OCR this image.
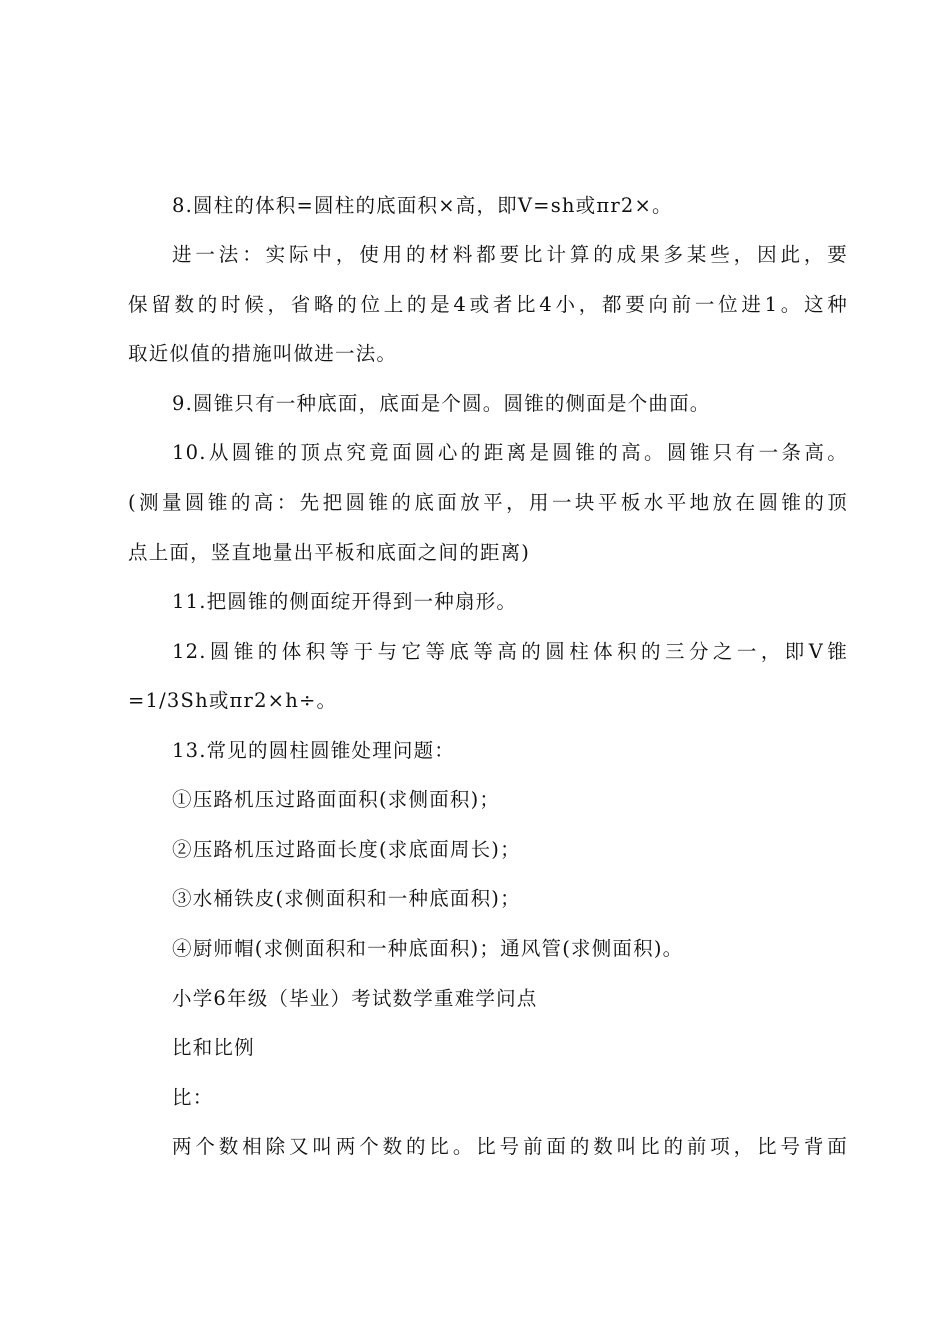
8.圆柱的体积=圆柱的底面积×高，即V=sh或πr2×。
进一法：实际中，使用的材料都要比计算的成果多某些，因此，要
保留数的时候，省略的位上的是4或者比4小，都要向前一位进1。这种
取近似值的措施叫做进一法。
9.圆锥只有一种底面，底面是个圆。圆锥的侧面是个曲面。
10.从圆锥的顶点究竟面圆心的距离是圆锥的高。圆锥只有一条高。
(测量圆锥的高：先把圆锥的底面放平，用一块平板水平地放在圆锥的顶
点上面，竖直地量出平板和底面之间的距离)
11.把圆锥的侧面绽开得到一种扇形。
12.圆锥的体积等于与它等底等高的圆柱体积的三分之一，即V锥
=1/3Sh或πr2×h÷。
13.常见的圆柱圆锥处理问题：
①压路机压过路面面积(求侧面积)；
②压路机压过路面长度(求底面周长)；
③水桶铁皮(求侧面积和一种底面积)；
④厨师帽(求侧面积和一种底面积)；通风管(求侧面积)。
小学6年级（毕业）考试数学重难学问点
比和比例
比：
两个数相除又叫两个数的比。比号前面的数叫比的前项，比号背面
